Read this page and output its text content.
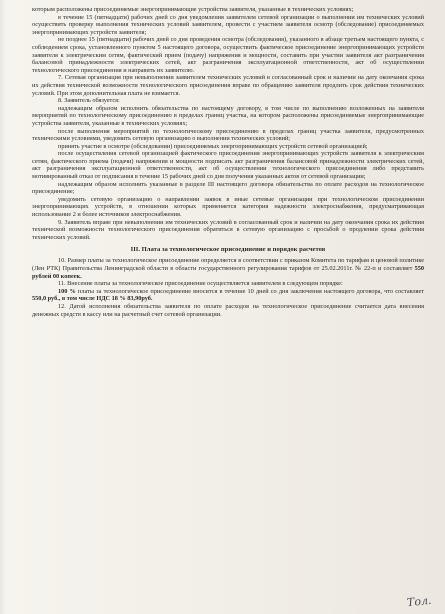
которым расположены присоединяемые энергопринимающие устройства заявителя, указанные в технических условиях;

в течение 15 (пятнадцати) рабочих дней со дня уведомления заявителем сетевой организации о выполнении им технических условий осуществить проверку выполнения технических условий заявителем, провести с участием заявителя осмотр (обследование) присоединяемых энергопринимающих устройств заявителя;

не позднее 15 (пятнадцати) рабочих дней со дня проведения осмотра (обследования), указанного в абзаце третьем настоящего пункта, с соблюдением срока, установленного пунктом 5 настоящего договора, осуществить фактическое присоединение энергопринимающих устройств заявителя к электрическим сетям, фактический прием (подачу) напряжения и мощности, составить при участии заявителя акт разграничения балансовой принадлежности электрических сетей, акт разграничения эксплуатационной ответственности, акт об осуществлении технологического присоединения и направить их заявителю.

7. Сетевая организация при невыполнении заявителем технических условий в согласованный срок и наличии на дату окончания срока их действия технической возможности технологического присоединения вправе по обращению заявителя продлить срок действия технических условий. При этом дополнительная плата не взимается.

8. Заявитель обязуется:

надлежащим образом исполнить обязательства по настоящему договору, в том числе по выполнению возложенных на заявителя мероприятий по технологическому присоединению в пределах границ участка, на котором расположены присоединяемые энергопринимающие устройства заявителя, указанные в технических условиях;

после выполнения мероприятий по технологическому присоединению в пределах границ участка заявителя, предусмотренных техническими условиями, уведомить сетевую организацию о выполнении технических условий;

принять участие в осмотре (обследовании) присоединяемых энергопринимающих устройств сетевой организацией;

после осуществления сетевой организацией фактического присоединения энергопринимающих устройств заявителя к электрическим сетям, фактического приема (подачи) напряжения и мощности подписать акт разграничения балансовой принадлежности электрических сетей, акт разграничения эксплуатационной ответственности, акт об осуществлении технологического присоединения либо представить мотивированный отказ от подписания в течение 15 рабочих дней со дня получения указанных актов от сетевой организации;

надлежащим образом исполнить указанные в разделе III настоящего договора обязательства по оплате расходов на технологическое присоединение;

уведомить сетевую организацию о направлении заявок в иные сетевые организации при технологическом присоединении энергопринимающих устройств, в отношении которых применяется категория надежности электроснабжения, предусматривающая использование 2 и более источников электроснабжения.

9. Заявитель вправе при невыполнении им технических условий в согласованный срок и наличии на дату окончания срока их действия технической возможности технологического присоединения обратиться в сетевую организацию с просьбой о продлении срока действия технических условий.

III. Плата за технологическое присоединение и порядок расчетов

10. Размер платы за технологическое присоединение определяется в соответствии с приказом Комитета по тарифам и ценовой политике (Лен РТК) Правительства Ленинградской области в области государственного регулирования тарифов от 25.02.2011г. № 22-п и составляет 550 рублей 00 копеек.

11. Внесение платы за технологическое присоединение осуществляется заявителем в следующем порядке:

100 % платы за технологическое присоединение вносится в течение 10 дней со дня заключения настоящего договора, что составляет 550,0 руб., в том числе НДС 18 % 83,90руб.

12. Датой исполнения обязательства заявителя по оплате расходов на технологическое присоединение считается дата внесения денежных средств в кассу или на расчетный счет сетевой организации.

Тол.
